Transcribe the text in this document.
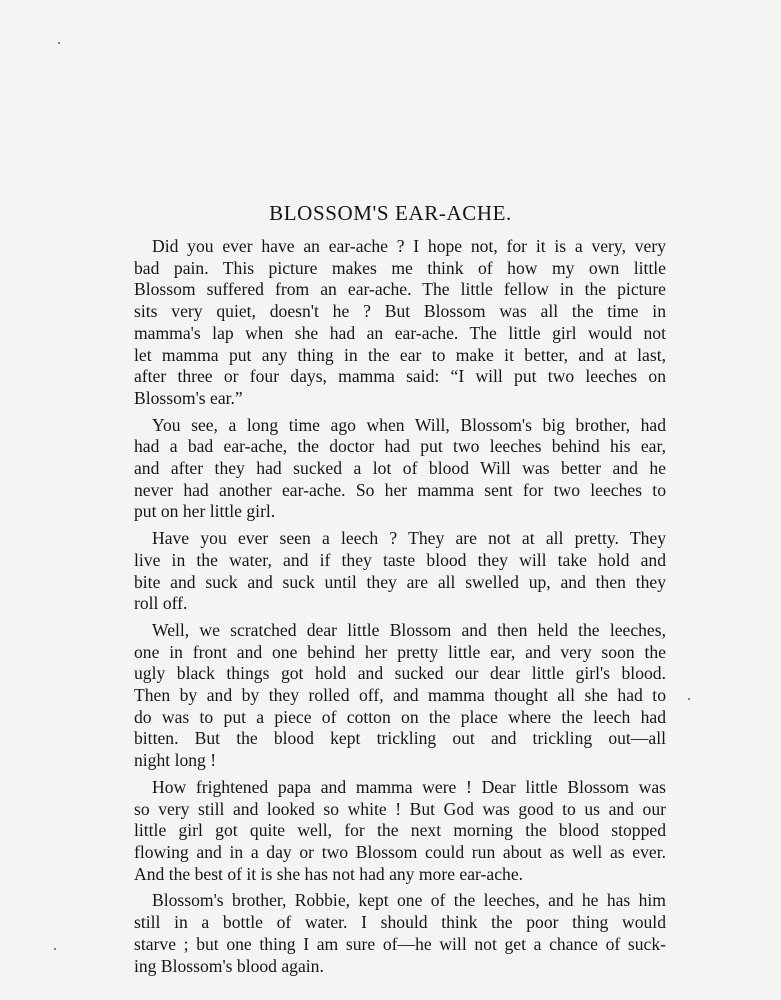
BLOSSOM'S EAR-ACHE.

Did you ever have an ear-ache ? I hope not, for it is a very, very
bad pain. This picture makes me think of how my own little
Blossom suffered from an ear-ache. The little fellow in the picture
sits very quiet, doesn't he ? But Blossom was all the time in
mamma's lap when she had an ear-ache. The little girl would not
let mamma put any thing in the ear to make it better, and at last,
after three or four days, mamma said: “I will put two leeches on
Blossom's ear.”

You see, a long time ago when Will, Blossom's big brother, had
had a bad ear-ache, the doctor had put two leeches behind his ear,
and after they had sucked a lot of blood Will was better and he
never had another ear-ache. So her mamma sent for two leeches to
put on her little girl.

Have you ever seen a leech ? They are not at all pretty. They
live in the water, and if they taste blood they will take hold and
bite and suck and suck until they are all swelled up, and then they
roll off.

Well, we scratched dear little Blossom and then held the leeches,
one in front and one behind her pretty little ear, and very soon the
ugly black things got hold and sucked our dear little girl's blood.
Then by and by they rolled off, and mamma thought all she had to
do was to put a piece of cotton on the place where the leech had
bitten. But the blood kept trickling out and trickling out—all
night long !

How frightened papa and mamma were ! Dear little Blossom was
so very still and looked so white ! But God was good to us and our
little girl got quite well, for the next morning the blood stopped
flowing and in a day or two Blossom could run about as well as ever.
And the best of it is she has not had any more ear-ache.

Blossom's brother, Robbie, kept one of the leeches, and he has him
still in a bottle of water. I should think the poor thing would
starve ; but one thing I am sure of—he will not get a chance of suck-
ing Blossom's blood again.
